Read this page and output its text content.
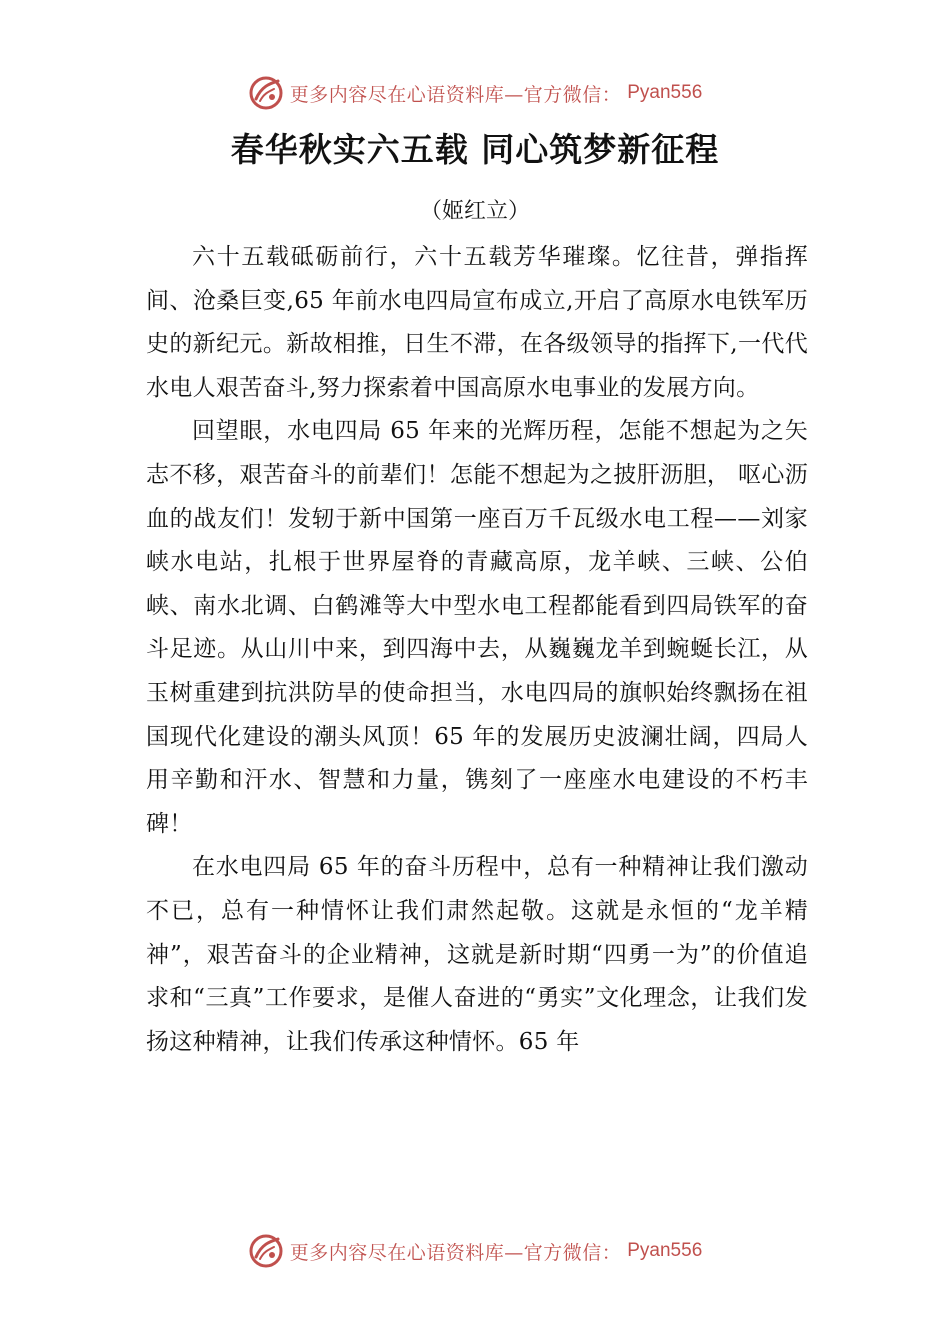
更多内容尽在心语资料库—官方微信： Pyan556
春华秋实六五载 同心筑梦新征程

（姬红立）

六十五载砥砺前行，六十五载芳华璀璨。忆往昔，弹指挥间、沧桑巨变,65 年前水电四局宣布成立,开启了高原水电铁军历史的新纪元。新故相推，日生不滞，在各级领导的指挥下,一代代水电人艰苦奋斗,努力探索着中国高原水电事业的发展方向。

回望眼，水电四局 65 年来的光辉历程，怎能不想起为之矢志不移，艰苦奋斗的前辈们！怎能不想起为之披肝沥胆， 呕心沥血的战友们！发轫于新中国第一座百万千瓦级水电工程——刘家峡水电站，扎根于世界屋脊的青藏高原，龙羊峡、三峡、公伯峡、南水北调、白鹤滩等大中型水电工程都能看到四局铁军的奋斗足迹。从山川中来，到四海中去，从巍巍龙羊到蜿蜒长江，从玉树重建到抗洪防旱的使命担当，水电四局的旗帜始终飘扬在祖国现代化建设的潮头风顶！65 年的发展历史波澜壮阔，四局人用辛勤和汗水、智慧和力量，镌刻了一座座水电建设的不朽丰碑！

在水电四局 65 年的奋斗历程中，总有一种精神让我们激动不已，总有一种情怀让我们肃然起敬。这就是永恒的“龙羊精神”，艰苦奋斗的企业精神，这就是新时期“四勇一为”的价值追求和“三真”工作要求，是催人奋进的“勇实”文化理念，让我们发扬这种精神，让我们传承这种情怀。65 年

更多内容尽在心语资料库—官方微信： Pyan556
